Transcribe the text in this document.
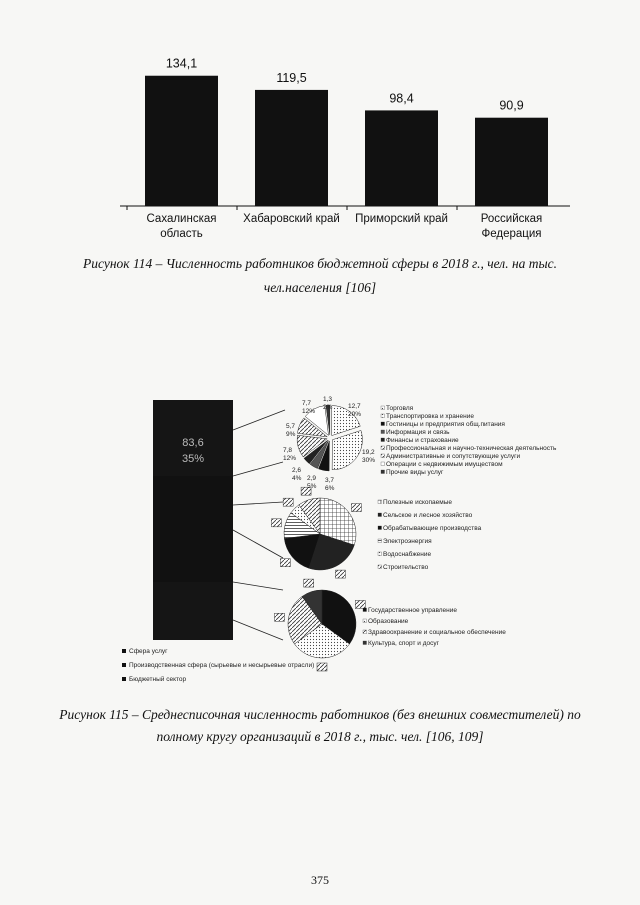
134,1
Сахалинская
область
119,5
Хабаровский край
98,4
Приморский край
90,9
Российская
Федерация
Рисунок 114 – Численность работников бюджетной сферы в 2018 г., чел. на тыс.
чел.населения [106]
83,6
35%
12,7
20%
19,2
30%
3,7
6%
2,9
5%
2,6
4%
7,8
12%
5,7
9%
7,7
12%
1,3
2%	Торговля
Транспортировка и хранение
Гостиницы и предприятия общ.питания
Информация и связь
Финансы и страхование
Профессиональная и научно-техническая деятельность
Административные и сопутствующие услуги
Операции с недвижимым имуществом
Прочие виды услуг
Полезные ископаемые
Сельское и лесное хозяйство
Обрабатывающие производства
Электроэнергия
Водоснабжение
Строительство
Государственное управление
Образование
Здравоохранение и социальное обеспечение
Культура, спорт и досуг
Сфера услуг
Производственная сфера (сырьевые и несырьевые отрасли)
Бюджетный сектор
Рисунок 115 – Среднесписочная численность работников (без внешних совместителей) по
полному кругу организаций в 2018 г., тыс. чел. [106, 109]
375
